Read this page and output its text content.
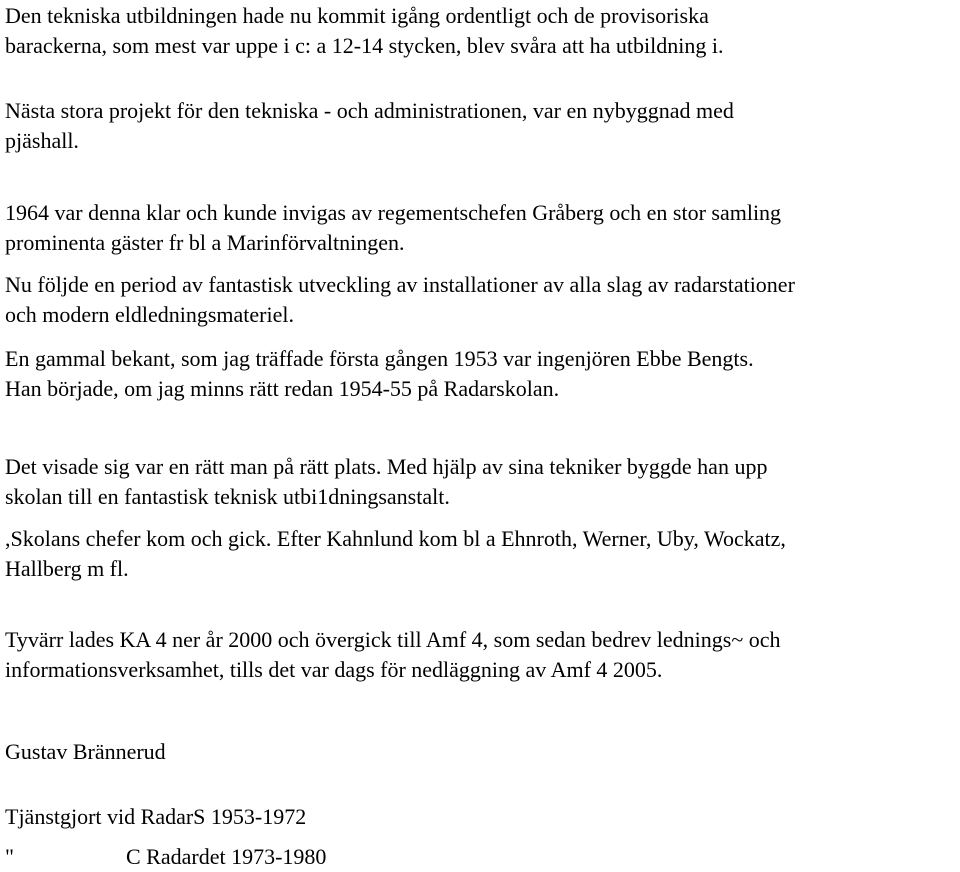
Den tekniska utbildningen hade nu kommit igång ordentligt och de provisoriska
barackerna, som mest var uppe i c: a 12-14 stycken, blev svåra att ha utbildning i.

Nästa stora projekt för den tekniska - och administrationen, var en nybyggnad med
pjäshall.

1964 var denna klar och kunde invigas av regementschefen Gråberg och en stor samling
prominenta gäster fr bl a Marinförvaltningen.

Nu följde en period av fantastisk utveckling av installationer av alla slag av radarstationer
och modern eldledningsmateriel.

En gammal bekant, som jag träffade första gången 1953 var ingenjören Ebbe Bengts.
Han började, om jag minns rätt redan 1954-55 på Radarskolan.

Det visade sig var en rätt man på rätt plats. Med hjälp av sina tekniker byggde han upp
skolan till en fantastisk teknisk utbi1dningsanstalt.

,Skolans chefer kom och gick. Efter Kahnlund kom bl a Ehnroth, Werner, Uby, Wockatz,
Hallberg m fl.

Tyvärr lades KA 4 ner år 2000 och övergick till Amf 4, som sedan bedrev lednings~ och
informationsverksamhet, tills det var dags för nedläggning av Amf 4 2005.

Gustav Brännerud

Tjänstgjort vid RadarS 1953-1972

"	C Radardet 1973-1980
